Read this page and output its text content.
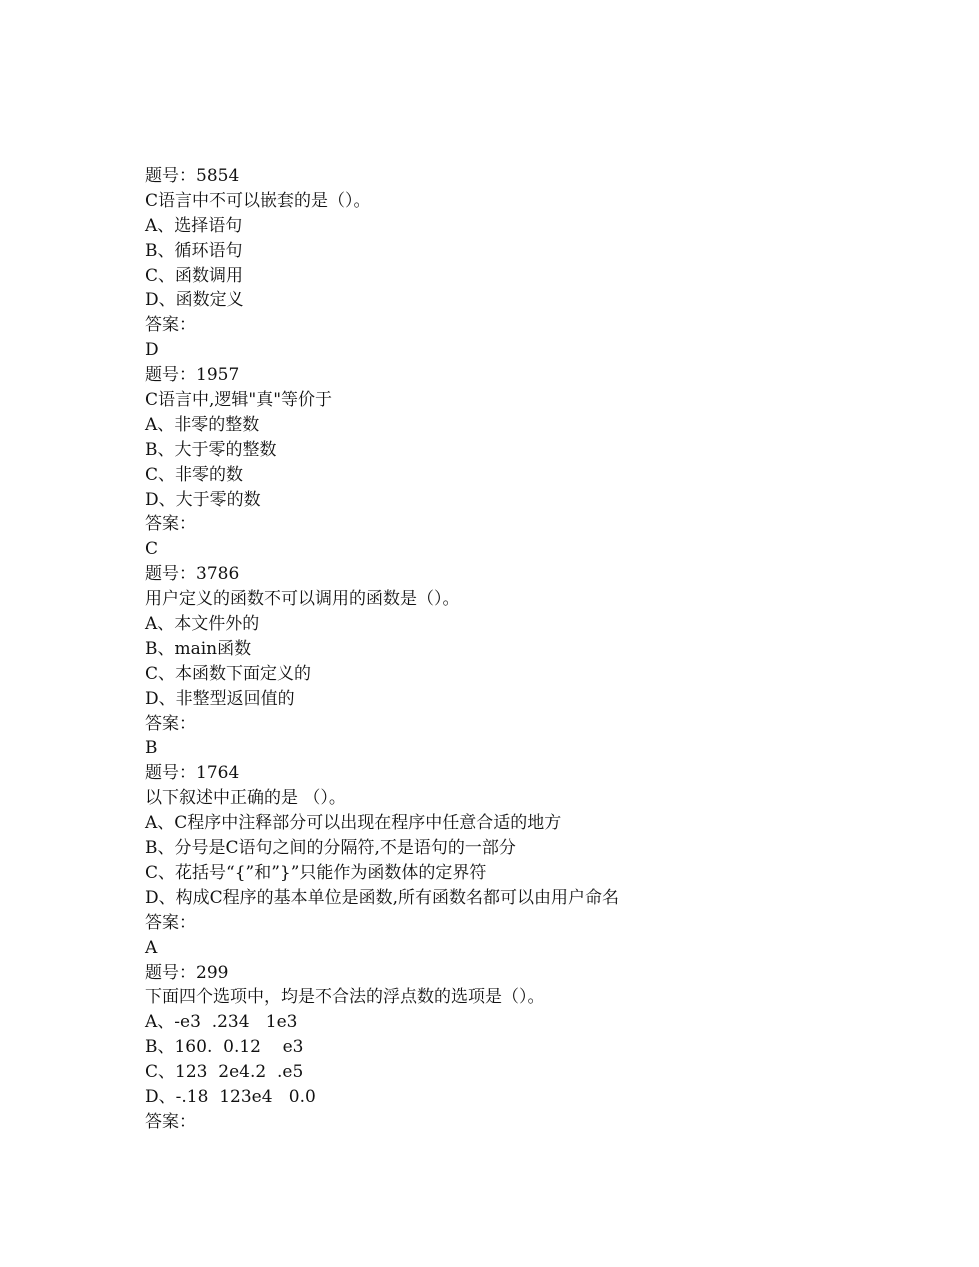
题号：5854
C语言中不可以嵌套的是（）。
A、选择语句
B、循环语句
C、函数调用
D、函数定义
答案：
D
题号：1957
C语言中,逻辑"真"等价于
A、非零的整数
B、大于零的整数
C、非零的数
D、大于零的数
答案：
C
题号：3786
用户定义的函数不可以调用的函数是（）。
A、本文件外的
B、main函数
C、本函数下面定义的
D、非整型返回值的
答案：
B
题号：1764
以下叙述中正确的是 （）。
A、C程序中注释部分可以出现在程序中任意合适的地方
B、分号是C语句之间的分隔符,不是语句的一部分
C、花括号“{”和”}”只能作为函数体的定界符
D、构成C程序的基本单位是函数,所有函数名都可以由用户命名
答案：
A
题号：299
下面四个选项中，均是不合法的浮点数的选项是（）。
A、-e3  .234   1e3
B、160.  0.12    e3
C、123  2e4.2  .e5
D、-.18  123e4   0.0
答案：
